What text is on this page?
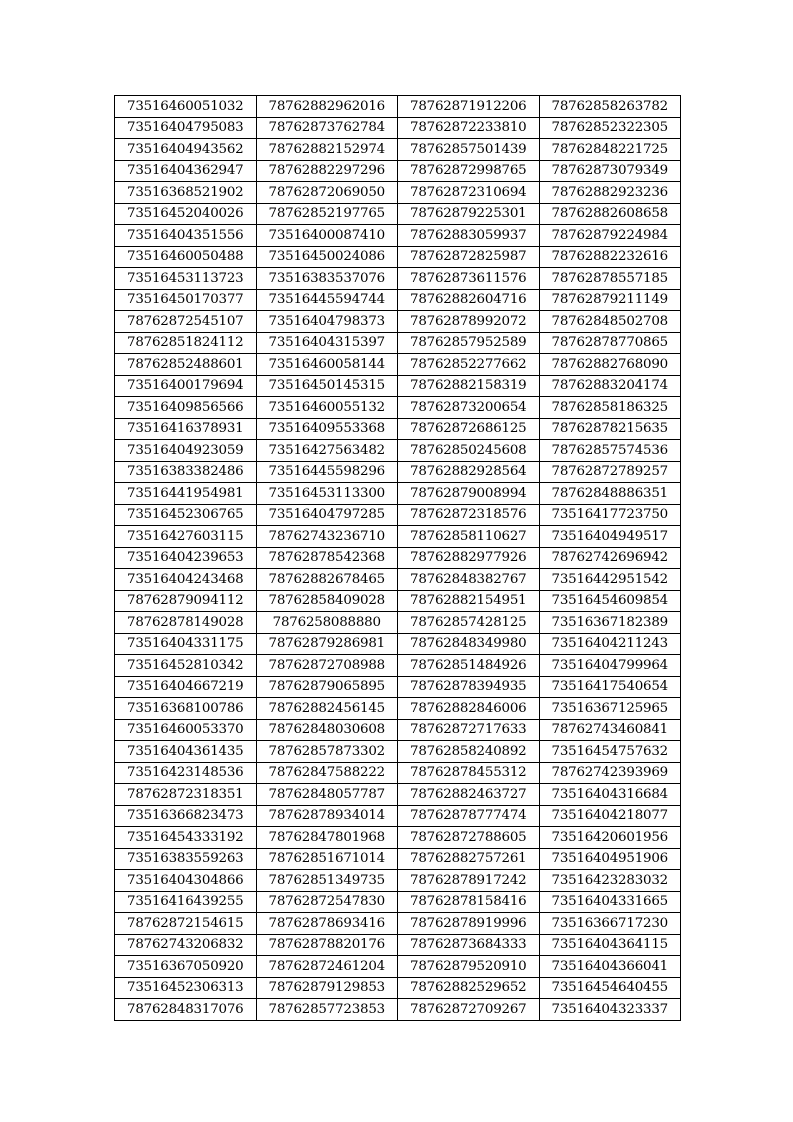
73516460051032	78762882962016	78762871912206	78762858263782
73516404795083	78762873762784	78762872233810	78762852322305
73516404943562	78762882152974	78762857501439	78762848221725
73516404362947	78762882297296	78762872998765	78762873079349
73516368521902	78762872069050	78762872310694	78762882923236
73516452040026	78762852197765	78762879225301	78762882608658
73516404351556	73516400087410	78762883059937	78762879224984
73516460050488	73516450024086	78762872825987	78762882232616
73516453113723	73516383537076	78762873611576	78762878557185
73516450170377	73516445594744	78762882604716	78762879211149
78762872545107	73516404798373	78762878992072	78762848502708
78762851824112	73516404315397	78762857952589	78762878770865
78762852488601	73516460058144	78762852277662	78762882768090
73516400179694	73516450145315	78762882158319	78762883204174
73516409856566	73516460055132	78762873200654	78762858186325
73516416378931	73516409553368	78762872686125	78762878215635
73516404923059	73516427563482	78762850245608	78762857574536
73516383382486	73516445598296	78762882928564	78762872789257
73516441954981	73516453113300	78762879008994	78762848886351
73516452306765	73516404797285	78762872318576	73516417723750
73516427603115	78762743236710	78762858110627	73516404949517
73516404239653	78762878542368	78762882977926	78762742696942
73516404243468	78762882678465	78762848382767	73516442951542
78762879094112	78762858409028	78762882154951	73516454609854
78762878149028	7876258088880	78762857428125	73516367182389
73516404331175	78762879286981	78762848349980	73516404211243
73516452810342	78762872708988	78762851484926	73516404799964
73516404667219	78762879065895	78762878394935	73516417540654
73516368100786	78762882456145	78762882846006	73516367125965
73516460053370	78762848030608	78762872717633	78762743460841
73516404361435	78762857873302	78762858240892	73516454757632
73516423148536	78762847588222	78762878455312	78762742393969
78762872318351	78762848057787	78762882463727	73516404316684
73516366823473	78762878934014	78762878777474	73516404218077
73516454333192	78762847801968	78762872788605	73516420601956
73516383559263	78762851671014	78762882757261	73516404951906
73516404304866	78762851349735	78762878917242	73516423283032
73516416439255	78762872547830	78762878158416	73516404331665
78762872154615	78762878693416	78762878919996	73516366717230
78762743206832	78762878820176	78762873684333	73516404364115
73516367050920	78762872461204	78762879520910	73516404366041
73516452306313	78762879129853	78762882529652	73516454640455
78762848317076	78762857723853	78762872709267	73516404323337
